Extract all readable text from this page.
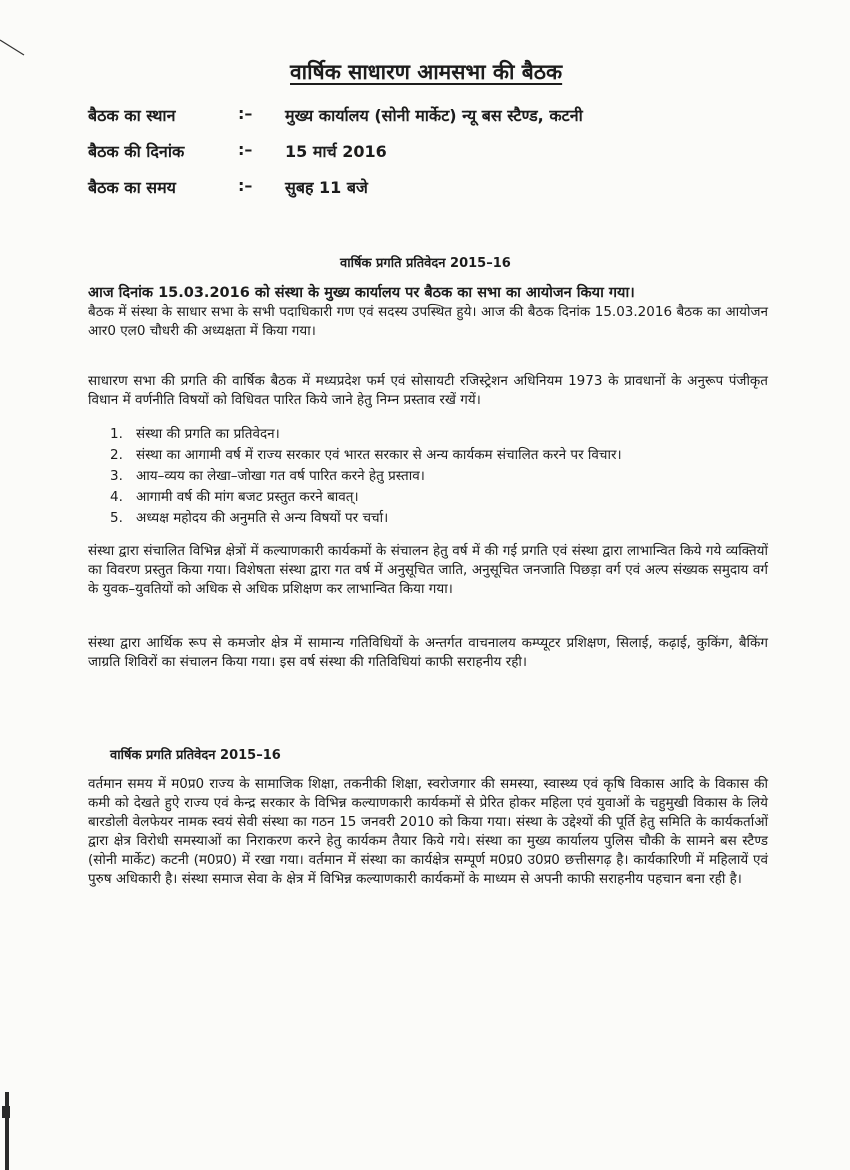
वार्षिक साधारण आमसभा की बैठक
बैठक का स्थान	:–	मुख्य कार्यालय (सोनी मार्केट) न्यू बस स्टैण्ड, कटनी
बैठक की दिनांक	:–	15 मार्च 2016
बैठक का समय	:–	सुबह 11 बजे
वार्षिक प्रगति प्रतिवेदन 2015–16
आज दिनांक 15.03.2016 को संस्था के मुख्य कार्यालय पर बैठक का सभा का आयोजन किया गया।

बैठक में संस्था के साधार सभा के सभी पदाधिकारी गण एवं सदस्य उपस्थित हुये। आज की बैठक दिनांक 15.03.2016 बैठक का आयोजन आर0 एल0 चौधरी की अध्यक्षता में किया गया।

साधारण सभा की प्रगति की वार्षिक बैठक में मध्यप्रदेश फर्म एवं सोसायटी रजिस्ट्रेशन अधिनियम 1973 के प्रावधानों के अनुरूप पंजीकृत विधान में वर्णनीति विषयों को विधिवत पारित किये जाने हेतु निम्न प्रस्ताव रखें गयें।

1. संस्था की प्रगति का प्रतिवेदन।
2. संस्था का आगामी वर्ष में राज्य सरकार एवं भारत सरकार से अन्य कार्यकम संचालित करने पर विचार।
3. आय–व्यय का लेखा–जोखा गत वर्ष पारित करने हेतु प्रस्ताव।
4. आगामी वर्ष की मांग बजट प्रस्तुत करने बावत्।
5. अध्यक्ष महोदय की अनुमति से अन्य विषयों पर चर्चा।

संस्था द्वारा संचालित विभिन्न क्षेत्रों में कल्याणकारी कार्यकमों के संचालन हेतु वर्ष में की गई प्रगति एवं संस्था द्वारा लाभान्वित किये गये व्यक्तियों का विवरण प्रस्तुत किया गया। विशेषता संस्था द्वारा गत वर्ष में अनुसूचित जाति, अनुसूचित जनजाति पिछड़ा वर्ग एवं अल्प संख्यक समुदाय वर्ग के युवक–युवतियों को अधिक से अधिक प्रशिक्षण कर लाभान्वित किया गया।

संस्था द्वारा आर्थिक रूप से कमजोर क्षेत्र में सामान्य गतिविधियों के अन्तर्गत वाचनालय कम्प्यूटर प्रशिक्षण, सिलाई, कढ़ाई, कुकिंग, बैकिंग जाग्रति शिविरों का संचालन किया गया। इस वर्ष संस्था की गतिविधियां काफी सराहनीय रही।

वार्षिक प्रगति प्रतिवेदन 2015–16

वर्तमान समय में म0प्र0 राज्य के सामाजिक शिक्षा, तकनीकी शिक्षा, स्वरोजगार की समस्या, स्वास्थ्य एवं कृषि विकास आदि के विकास की कमी को देखते हुऐ राज्य एवं केन्द्र सरकार के विभिन्न कल्याणकारी कार्यकमों से प्रेरित होकर महिला एवं युवाओं के चहुमुखी विकास के लिये बारडोली वेलफेयर नामक स्वयं सेवी संस्था का गठन 15 जनवरी 2010 को किया गया। संस्था के उद्देश्यों की पूर्ति हेतु समिति के कार्यकर्ताओं द्वारा क्षेत्र विरोधी समस्याओं का निराकरण करने हेतु कार्यकम तैयार किये गये। संस्था का मुख्य कार्यालय पुलिस चौकी के सामने बस स्टैण्ड (सोनी मार्केट) कटनी (म0प्र0) में रखा गया। वर्तमान में संस्था का कार्यक्षेत्र सम्पूर्ण म0प्र0 उ0प्र0 छत्तीसगढ़ है। कार्यकारिणी में महिलायें एवं पुरुष अधिकारी है। संस्था समाज सेवा के क्षेत्र में विभिन्न कल्याणकारी कार्यकमों के माध्यम से अपनी काफी सराहनीय पहचान बना रही है।
